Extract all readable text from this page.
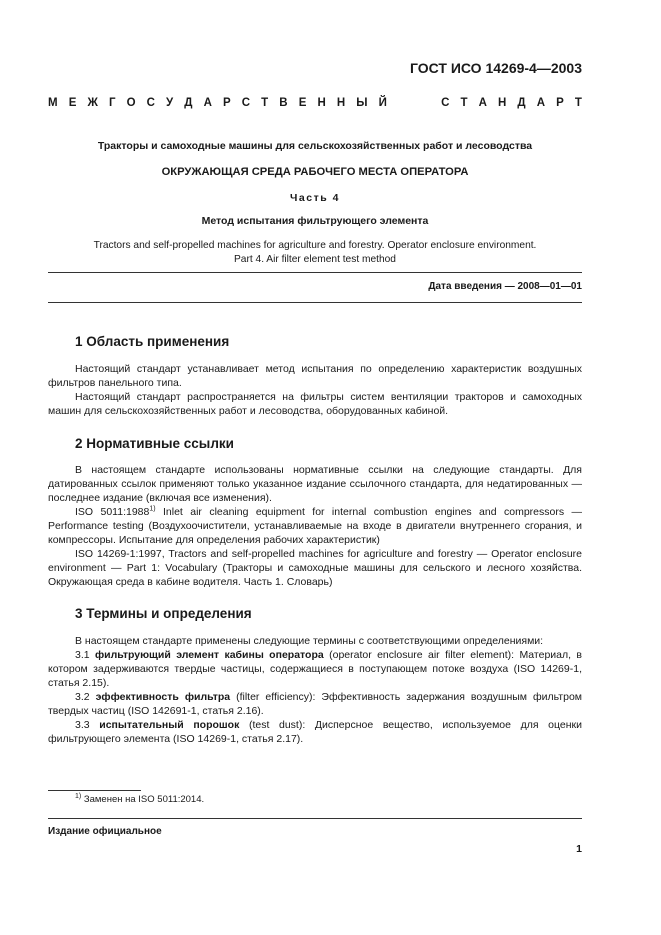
ГОСТ ИСО 14269-4—2003
М Е Ж Г О С У Д А Р С Т В Е Н Н Ы Й	С Т А Н Д А Р Т
Тракторы и самоходные машины для сельскохозяйственных работ и лесоводства
ОКРУЖАЮЩАЯ СРЕДА РАБОЧЕГО МЕСТА ОПЕРАТОРА
Часть 4
Метод испытания фильтрующего элемента
Tractors and self-propelled machines for agriculture and forestry. Operator enclosure environment.
Part 4. Air filter element test method
Дата введения — 2008—01—01
1 Область применения

Настоящий стандарт устанавливает метод испытания по определению характеристик воздушных фильтров панельного типа.

Настоящий стандарт распространяется на фильтры систем вентиляции тракторов и самоходных машин для сельскохозяйственных работ и лесоводства, оборудованных кабиной.

2 Нормативные ссылки

В настоящем стандарте использованы нормативные ссылки на следующие стандарты. Для датированных ссылок применяют только указанное издание ссылочного стандарта, для недатированных — последнее издание (включая все изменения).

ISO 5011:1988$^{1)}$ Inlet air cleaning equipment for internal combustion engines and compressors — Performance testing (Воздухоочистители, устанавливаемые на входе в двигатели внутреннего сгорания, и компрессоры. Испытание для определения рабочих характеристик)

ISO 14269-1:1997, Tractors and self-propelled machines for agriculture and forestry — Operator enclosure environment — Part 1: Vocabulary (Тракторы и самоходные машины для сельского и лесного хозяйства. Окружающая среда в кабине водителя. Часть 1. Словарь)

3 Термины и определения

В настоящем стандарте применены следующие термины с соответствующими определениями:

3.1 фильтрующий элемент кабины оператора (operator enclosure air filter element): Материал, в котором задерживаются твердые частицы, содержащиеся в поступающем потоке воздуха (ISO 14269-1, статья 2.15).

3.2 эффективность фильтра (filter efficiency): Эффективность задержания воздушным фильтром твердых частиц (ISO 142691-1, статья 2.16).

3.3 испытательный порошок (test dust): Дисперсное вещество, используемое для оценки фильтрующего элемента (ISO 14269-1, статья 2.17).

$^{1)}$ Заменен на ISO 5011:2014.
Издание официальное
1
